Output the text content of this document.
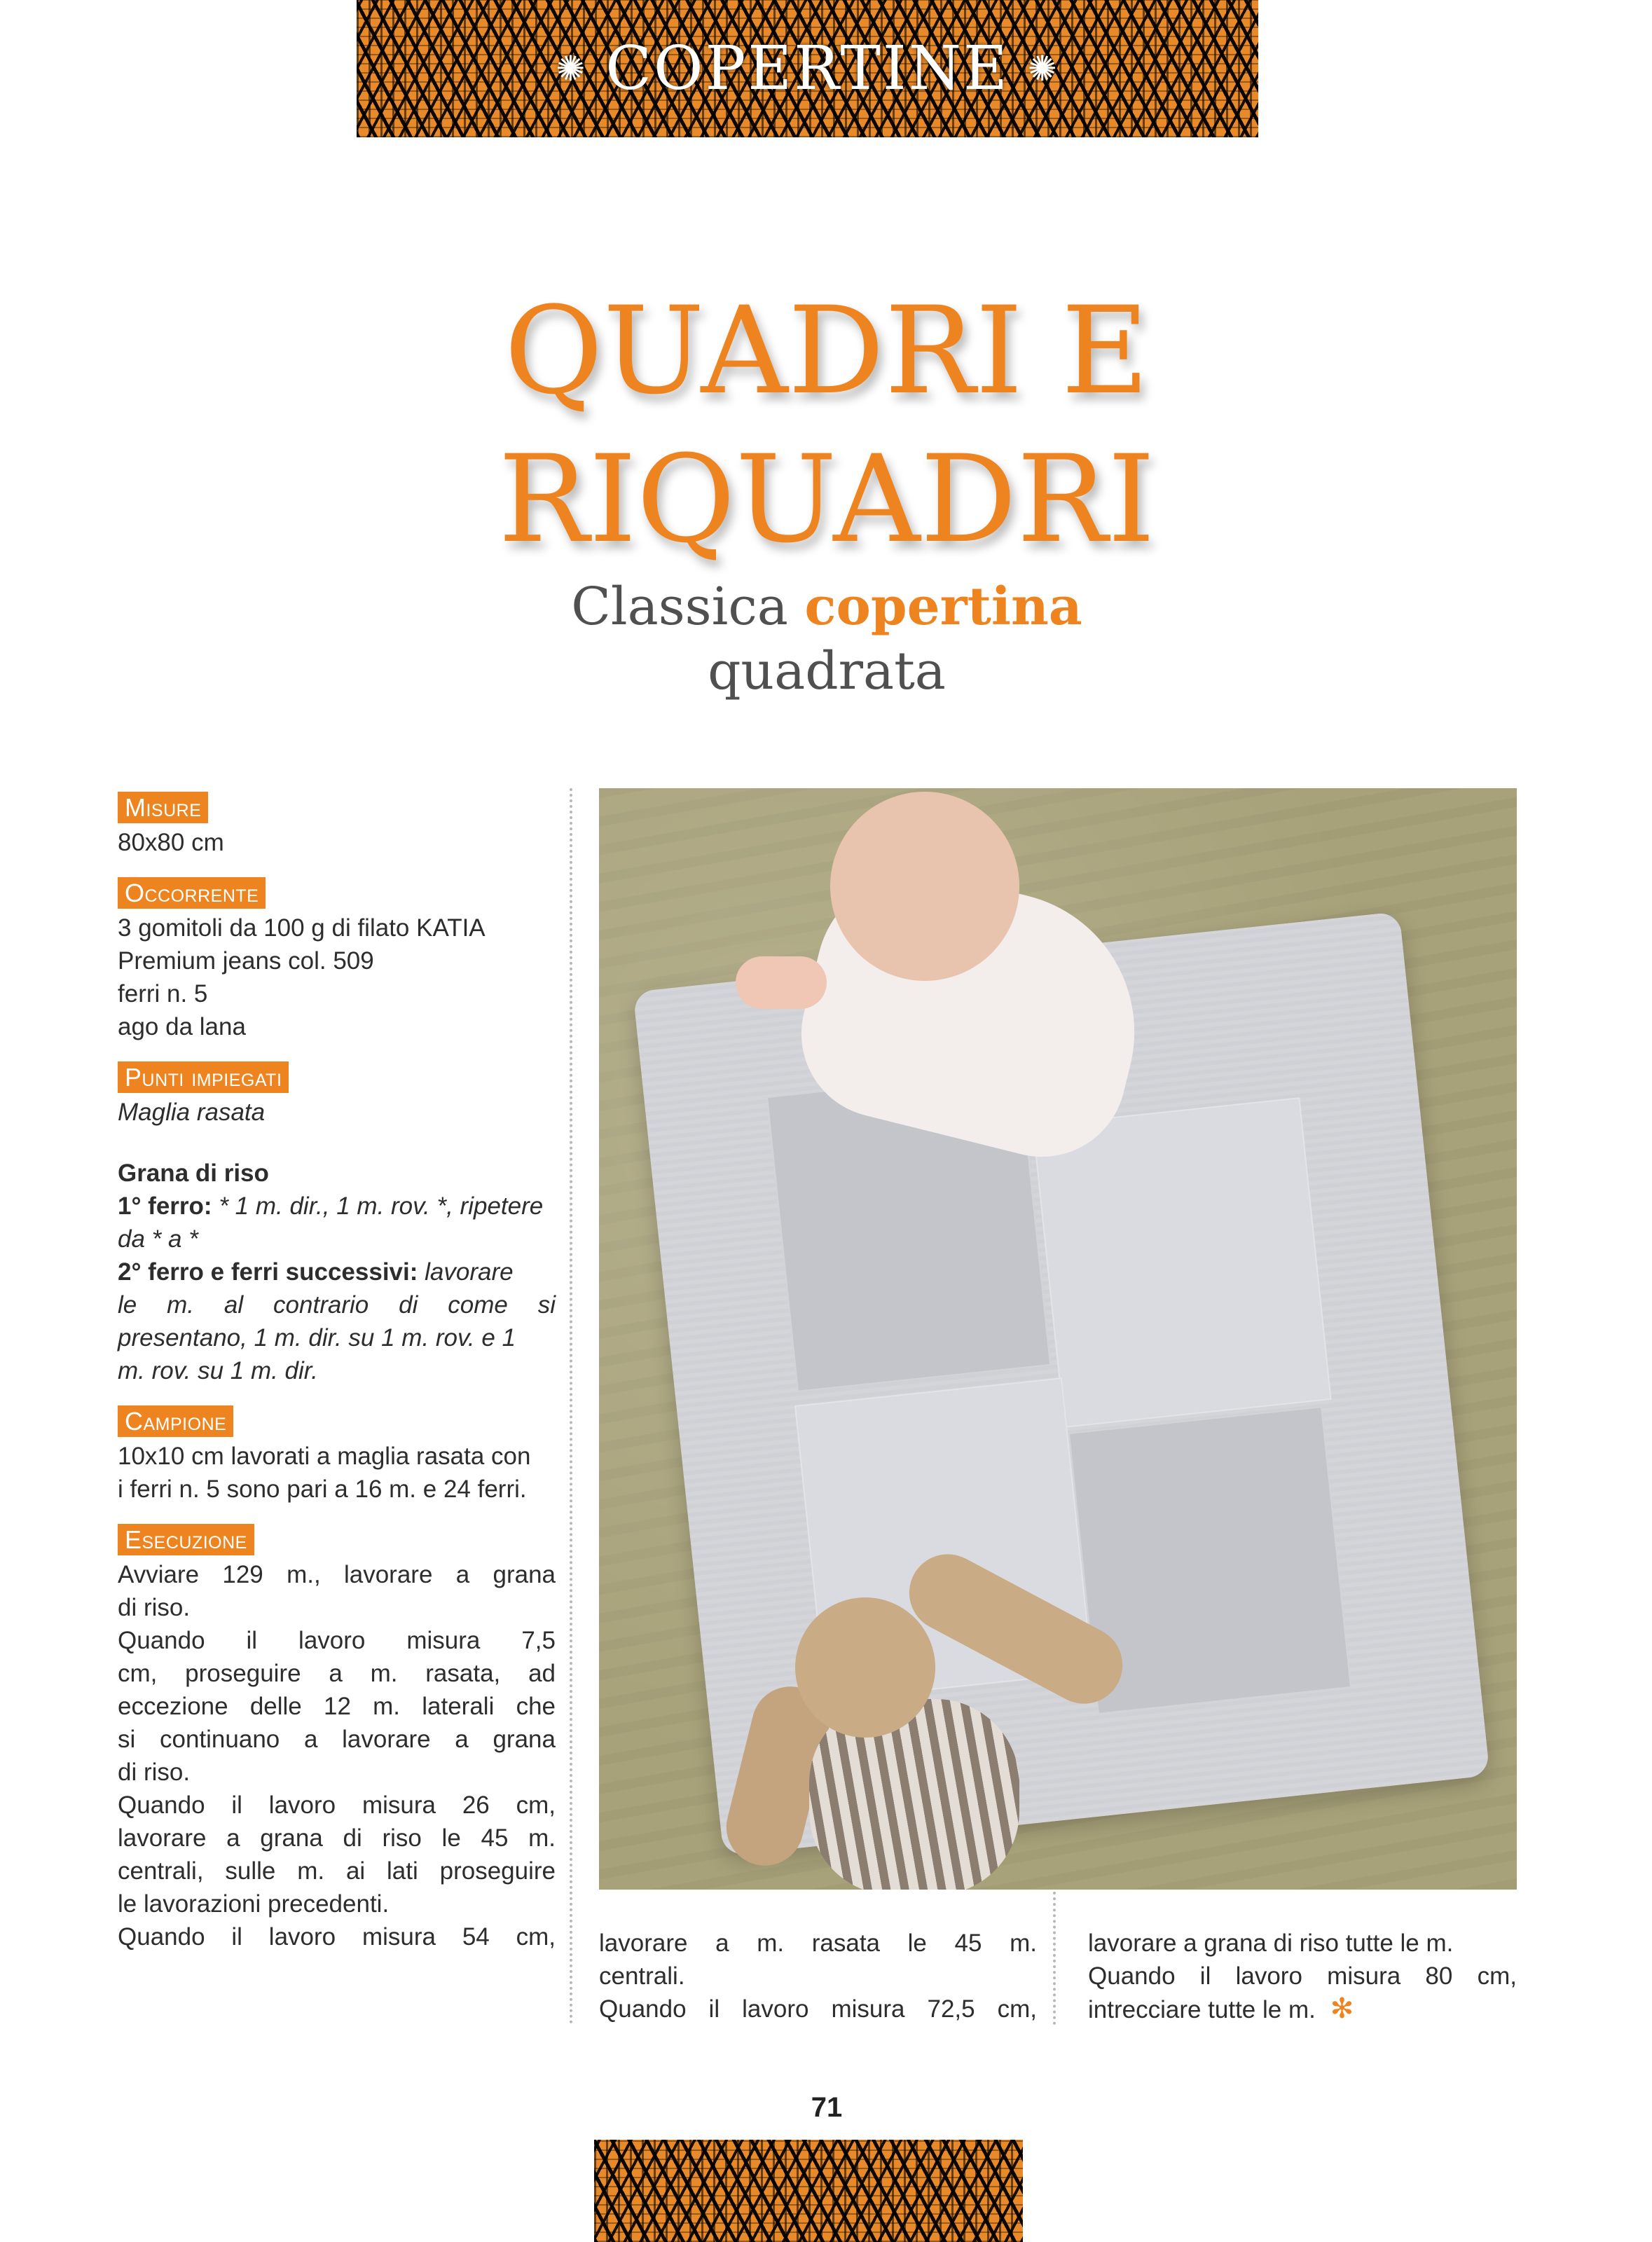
✺ COPERTINE ✺
QUADRI E
RIQUADRI
Classica copertina
quadrata
Misure
80x80 cm
Occorrente
3 gomitoli da 100 g di filato KATIA
Premium jeans col. 509
ferri n. 5
ago da lana
Punti impiegati
Maglia rasata
Grana di riso
1° ferro: * 1 m. dir., 1 m. rov. *, ripetere
da * a *
2° ferro e ferri successivi: lavorare
le m. al contrario di come si
presentano, 1 m. dir. su 1 m. rov. e 1
m. rov. su 1 m. dir.
Campione
10x10 cm lavorati a maglia rasata con
i ferri n. 5 sono pari a 16 m. e 24 ferri.
Esecuzione
Avviare 129 m., lavorare a grana
di riso.
Quando il lavoro misura 7,5
cm, proseguire a m. rasata, ad
eccezione delle 12 m. laterali che
si continuano a lavorare a grana
di riso.
Quando il lavoro misura 26 cm,
lavorare a grana di riso le 45 m.
centrali, sulle m. ai lati proseguire
le lavorazioni precedenti.
Quando il lavoro misura 54 cm, lavorare a m. rasata le 45 m.
centrali.
Quando il lavoro misura 72,5 cm,
lavorare a grana di riso tutte le m.
Quando il lavoro misura 80 cm,
intrecciare tutte le m.  ✻
71
